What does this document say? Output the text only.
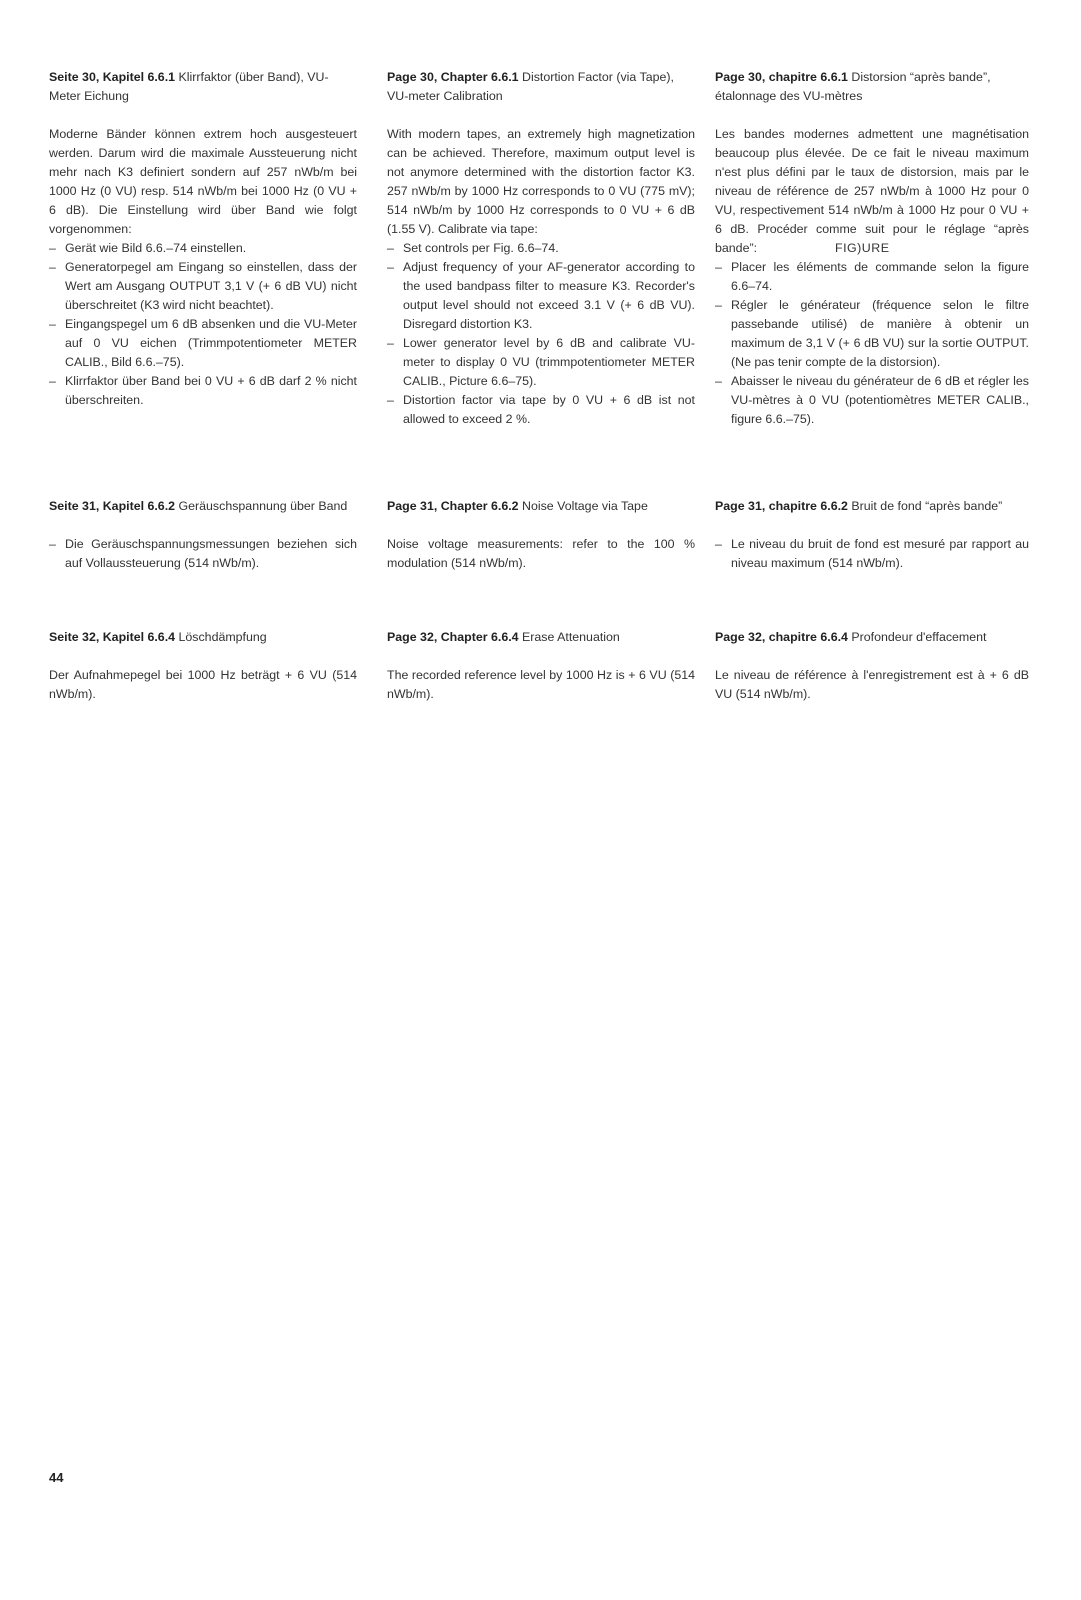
Seite 30, Kapitel 6.6.1 Klirrfaktor (über Band), VU-Meter Eichung

Moderne Bänder können extrem hoch ausgesteuert werden. Darum wird die maximale Aussteuerung nicht mehr nach K3 definiert sondern auf 257 nWb/m bei 1000 Hz (0 VU) resp. 514 nWb/m bei 1000 Hz (0 VU + 6 dB). Die Einstellung wird über Band wie folgt vorgenommen:

– Gerät wie Bild 6.6.–74 einstellen.
– Generatorpegel am Eingang so einstellen, dass der Wert am Ausgang OUTPUT 3,1 V (+ 6 dB VU) nicht überschreitet (K3 wird nicht beachtet).
– Eingangspegel um 6 dB absenken und die VU-Meter auf 0 VU eichen (Trimmpotentiometer METER CALIB., Bild 6.6.–75).
– Klirrfaktor über Band bei 0 VU + 6 dB darf 2 % nicht überschreiten.

Page 30, Chapter 6.6.1 Distortion Factor (via Tape), VU-meter Calibration

With modern tapes, an extremely high magnetization can be achieved. Therefore, maximum output level is not anymore determined with the distortion factor K3. 257 nWb/m by 1000 Hz corresponds to 0 VU (775 mV); 514 nWb/m by 1000 Hz corresponds to 0 VU + 6 dB (1.55 V). Calibrate via tape:

– Set controls per Fig. 6.6–74.
– Adjust frequency of your AF-generator according to the used bandpass filter to measure K3. Recorder's output level should not exceed 3.1 V (+ 6 dB VU). Disregard distortion K3.
– Lower generator level by 6 dB and calibrate VU-meter to display 0 VU (trimmpotentiometer METER CALIB., Picture 6.6–75).
– Distortion factor via tape by 0 VU + 6 dB ist not allowed to exceed 2 %.

Page 30, chapitre 6.6.1 Distorsion “après bande”, étalonnage des VU-mètres

Les bandes modernes admettent une magnétisation beaucoup plus élevée. De ce fait le niveau maximum n'est plus défini par le taux de distorsion, mais par le niveau de référence de 257 nWb/m à 1000 Hz pour 0 VU, respectivement 514 nWb/m à 1000 Hz pour 0 VU + 6 dB. Procéder comme suit pour le réglage “après bande”:	FIG)URE

– Placer les éléments de commande selon la figure 6.6–74.
– Régler le générateur (fréquence selon le filtre passebande utilisé) de manière à obtenir un maximum de 3,1 V (+ 6 dB VU) sur la sortie OUTPUT. (Ne pas tenir compte de la distorsion).
– Abaisser le niveau du générateur de 6 dB et régler les VU-mètres à 0 VU (potentiomètres METER CALIB., figure 6.6.–75).

Seite 31, Kapitel 6.6.2 Geräuschspannung über Band

– Die Geräuschspannungsmessungen beziehen sich auf Vollaussteuerung (514 nWb/m).

Page 31, Chapter 6.6.2 Noise Voltage via Tape

Noise voltage measurements: refer to the 100 % modulation (514 nWb/m).

Page 31, chapitre 6.6.2 Bruit de fond “après bande”

– Le niveau du bruit de fond est mesuré par rapport au niveau maximum (514 nWb/m).

Seite 32, Kapitel 6.6.4 Löschdämpfung

Der Aufnahmepegel bei 1000 Hz beträgt + 6 VU (514 nWb/m).

Page 32, Chapter 6.6.4 Erase Attenuation

The recorded reference level by 1000 Hz is + 6 VU (514 nWb/m).

Page 32, chapitre 6.6.4 Profondeur d'effacement

Le niveau de référence à l'enregistrement est à + 6 dB VU (514 nWb/m).

44
